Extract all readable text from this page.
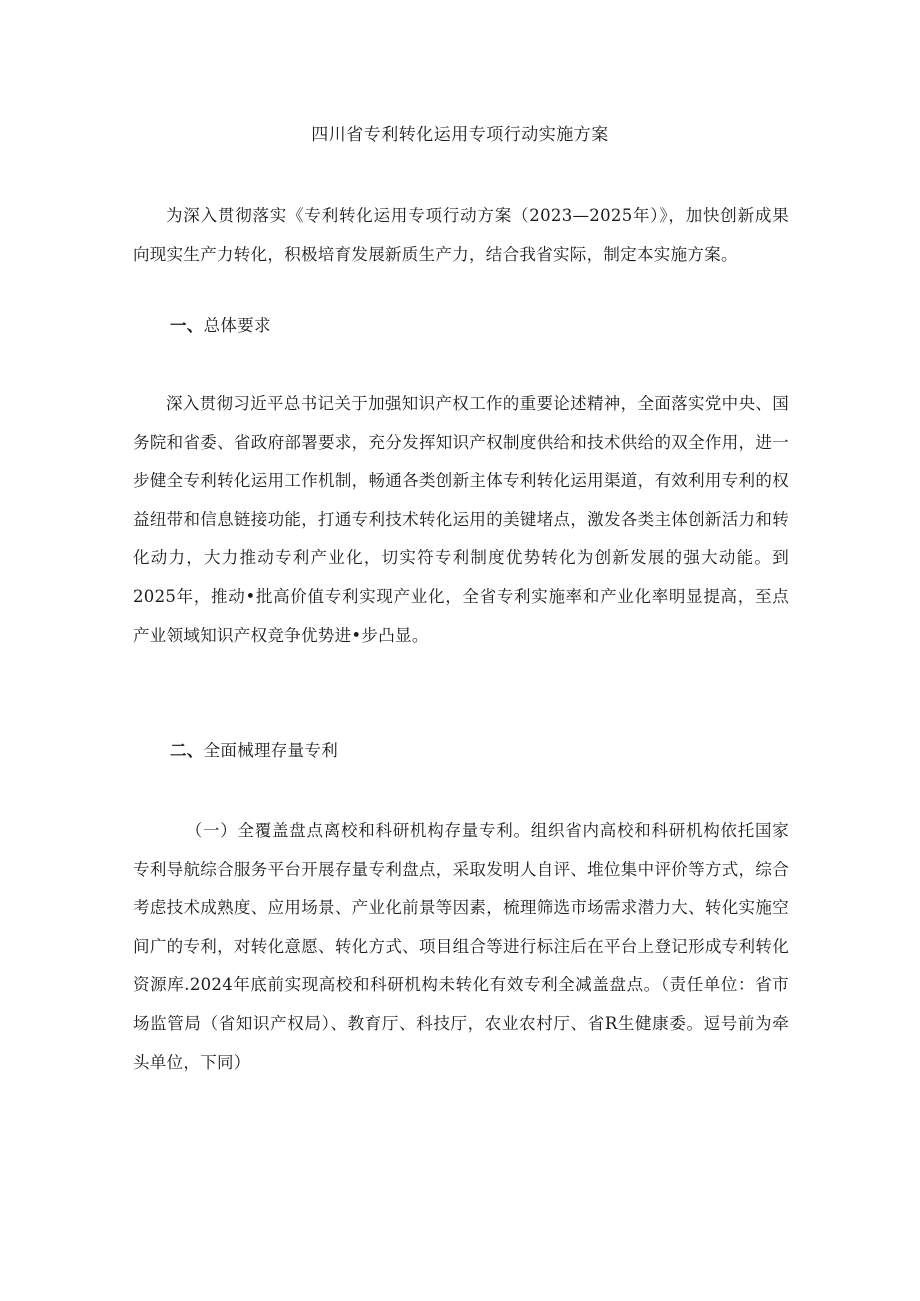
四川省专利转化运用专项行动实施方案

为深入贯彻落实《专利转化运用专项行动方案（2023—2025年）》，加快创新成果向现实生产力转化，积极培育发展新质生产力，结合我省实际，制定本实施方案。

一、总体要求

深入贯彻习近平总书记关于加强知识产权工作的重要论述精神，全面落实党中央、国务院和省委、省政府部署要求，充分发挥知识产权制度供给和技术供给的双全作用，进一步健全专利转化运用工作机制，畅通各类创新主体专利转化运用渠道，有效利用专利的权益纽带和信息链接功能，打通专利技术转化运用的美键堵点，激发各类主体创新活力和转化动力，大力推动专利产业化，切实符专利制度优势转化为创新发展的强大动能。到2025年，推动•批高价值专利实现产业化，全省专利实施率和产业化率明显提高，至点产业领域知识产权竞争优势进•步凸显。

二、全面械理存量专利

（一）全覆盖盘点离校和科研机构存量专利。组织省内高校和科研机构依托国家专利导航综合服务平台开展存量专利盘点，采取发明人自评、堆位集中评价等方式，综合考虑技术成熟度、应用场景、产业化前景等因素，梳理筛选市场需求潜力大、转化实施空间广的专利，对转化意愿、转化方式、项目组合等进行标注后在平台上登记形成专利转化资源库.2024年底前实现高校和科研机构未转化有效专利全减盖盘点。（责任单位：省市场监管局（省知识产权局）、教育厅、科技厅，农业农村厅、省R生健康委。逗号前为牵头单位，下同）
